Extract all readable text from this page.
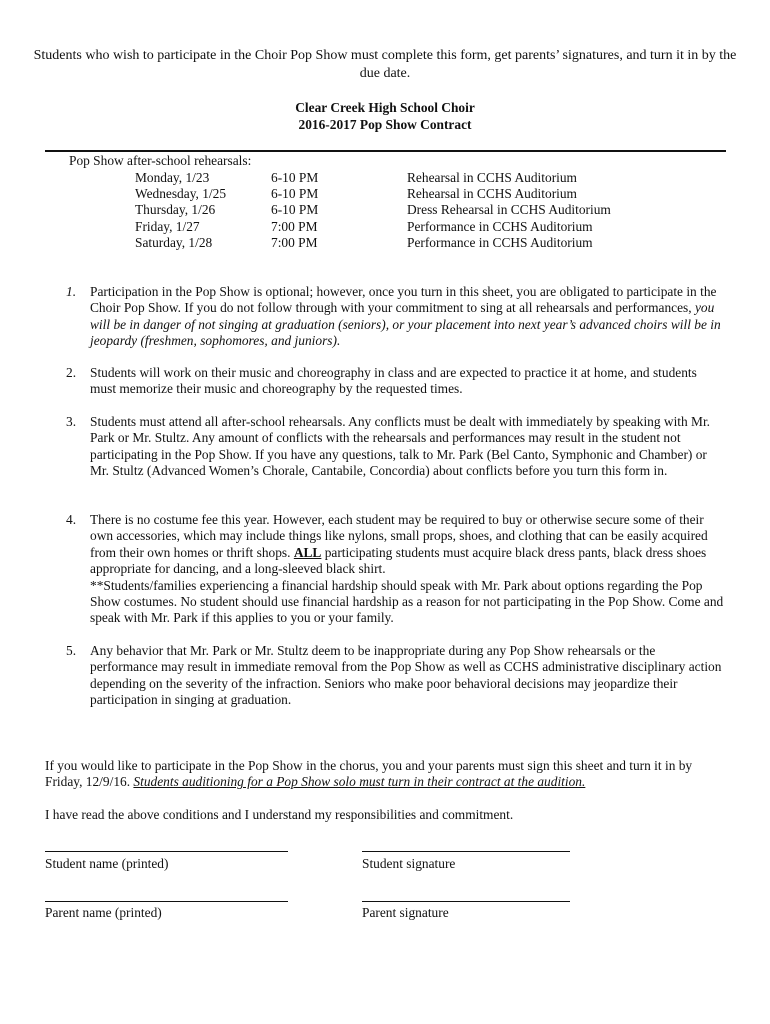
Students who wish to participate in the Choir Pop Show must complete this form, get parents’ signatures, and turn it in by the due date.
Clear Creek High School Choir
2016-2017 Pop Show Contract
Pop Show after-school rehearsals:
Monday, 1/23	6-10 PM	Rehearsal in CCHS Auditorium
Wednesday, 1/25	6-10 PM	Rehearsal in CCHS Auditorium
Thursday, 1/26	6-10 PM	Dress Rehearsal in CCHS Auditorium
Friday, 1/27	7:00 PM	Performance in CCHS Auditorium
Saturday, 1/28	7:00 PM	Performance in CCHS Auditorium
1.	Participation in the Pop Show is optional; however, once you turn in this sheet, you are obligated to participate in the Choir Pop Show. If you do not follow through with your commitment to sing at all rehearsals and performances, you will be in danger of not singing at graduation (seniors), or your placement into next year’s advanced choirs will be in jeopardy (freshmen, sophomores, and juniors).
2.	Students will work on their music and choreography in class and are expected to practice it at home, and students must memorize their music and choreography by the requested times.
3.	Students must attend all after-school rehearsals. Any conflicts must be dealt with immediately by speaking with Mr. Park or Mr. Stultz. Any amount of conflicts with the rehearsals and performances may result in the student not participating in the Pop Show. If you have any questions, talk to Mr. Park (Bel Canto, Symphonic and Chamber) or Mr. Stultz (Advanced Women’s Chorale, Cantabile, Concordia) about conflicts before you turn this form in.
4.	There is no costume fee this year. However, each student may be required to buy or otherwise secure some of their own accessories, which may include things like nylons, small props, shoes, and clothing that can be easily acquired from their own homes or thrift shops. ALL participating students must acquire black dress pants, black dress shoes appropriate for dancing, and a long-sleeved black shirt.

**Students/families experiencing a financial hardship should speak with Mr. Park about options regarding the Pop Show costumes. No student should use financial hardship as a reason for not participating in the Pop Show. Come and speak with Mr. Park if this applies to you or your family.

5.	Any behavior that Mr. Park or Mr. Stultz deem to be inappropriate during any Pop Show rehearsals or the performance may result in immediate removal from the Pop Show as well as CCHS administrative disciplinary action depending on the severity of the infraction. Seniors who make poor behavioral decisions may jeopardize their participation in singing at graduation.
If you would like to participate in the Pop Show in the chorus, you and your parents must sign this sheet and turn it in by Friday, 12/9/16. Students auditioning for a Pop Show solo must turn in their contract at the audition.
I have read the above conditions and I understand my responsibilities and commitment.
Student name (printed)	Student signature
Parent name (printed)	Parent signature
